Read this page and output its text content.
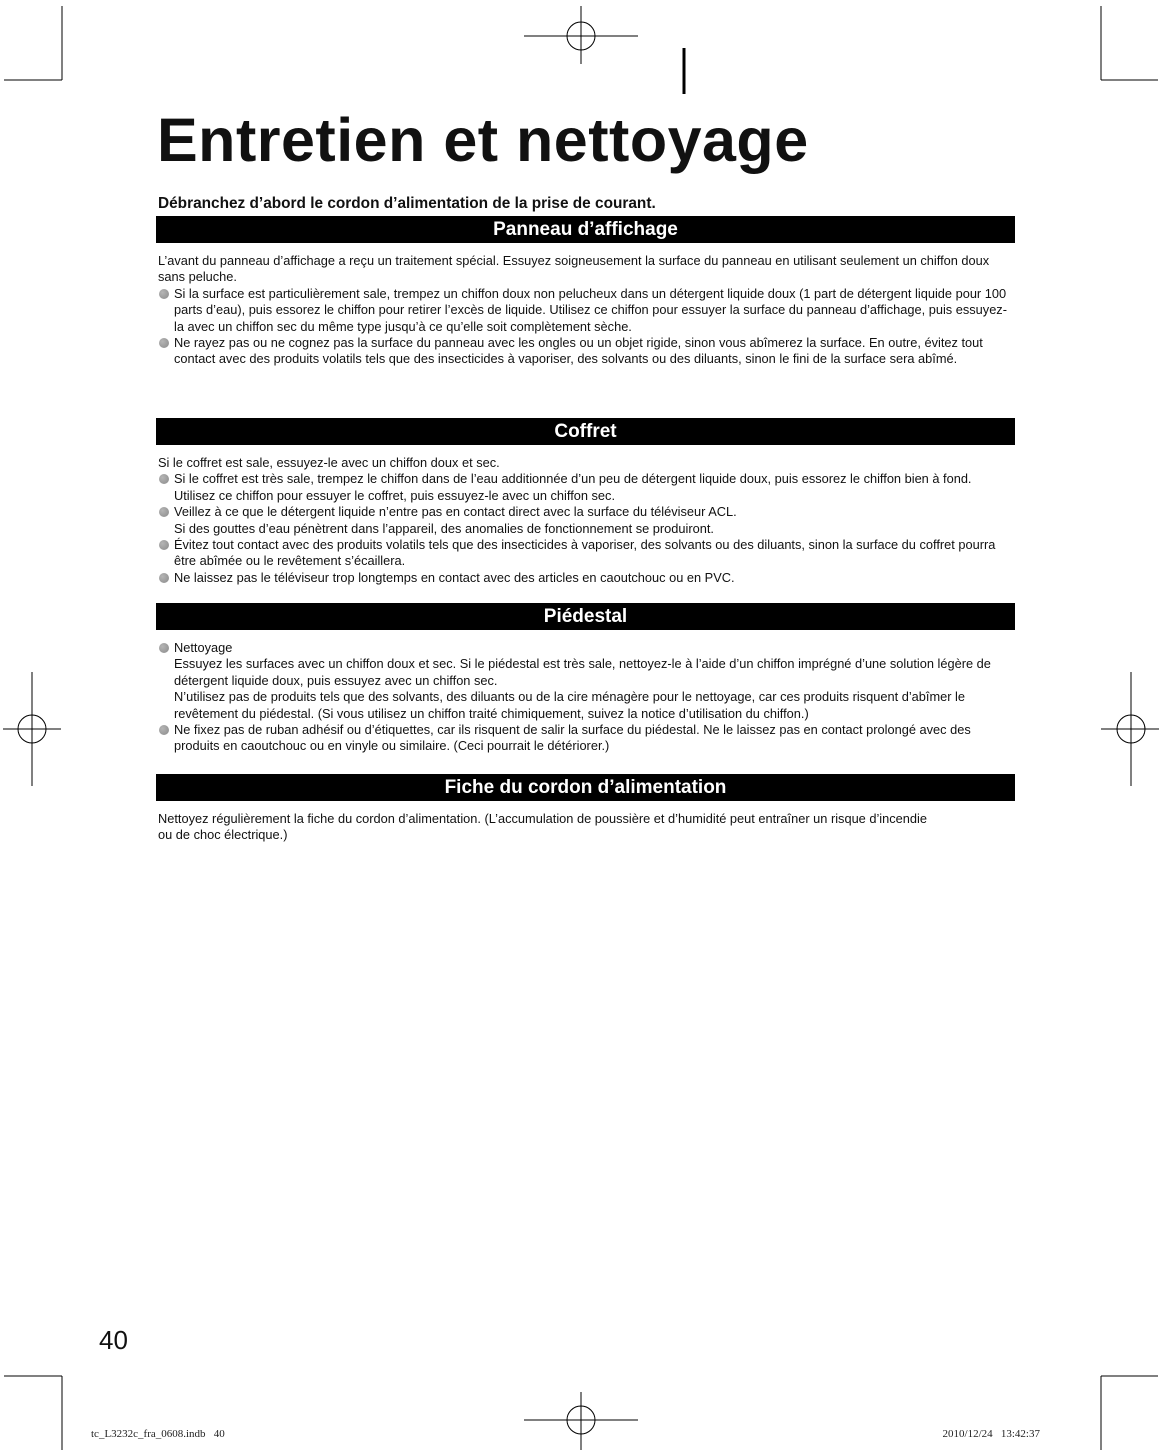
Entretien et nettoyage

Débranchez d’abord le cordon d’alimentation de la prise de courant.

Panneau d’affichage

L’avant du panneau d’affichage a reçu un traitement spécial. Essuyez soigneusement la surface du panneau en utilisant seulement un chiffon doux sans peluche.

Si la surface est particulièrement sale, trempez un chiffon doux non pelucheux dans un détergent liquide doux (1 part de détergent liquide pour 100 parts d’eau), puis essorez le chiffon pour retirer l’excès de liquide. Utilisez ce chiffon pour essuyer la surface du panneau d’affichage, puis essuyez-la avec un chiffon sec du même type jusqu’à ce qu’elle soit complètement sèche.
Ne rayez pas ou ne cognez pas la surface du panneau avec les ongles ou un objet rigide, sinon vous abîmerez la surface. En outre, évitez tout contact avec des produits volatils tels que des insecticides à vaporiser, des solvants ou des diluants, sinon le fini de la surface sera abîmé.
Coffret

Si le coffret est sale, essuyez-le avec un chiffon doux et sec.

Si le coffret est très sale, trempez le chiffon dans de l’eau additionnée d’un peu de détergent liquide doux, puis essorez le chiffon bien à fond. Utilisez ce chiffon pour essuyer le coffret, puis essuyez-le avec un chiffon sec.
Veillez à ce que le détergent liquide n’entre pas en contact direct avec la surface du téléviseur ACL.
Si des gouttes d’eau pénètrent dans l’appareil, des anomalies de fonctionnement se produiront.
Évitez tout contact avec des produits volatils tels que des insecticides à vaporiser, des solvants ou des diluants, sinon la surface du coffret pourra être abîmée ou le revêtement s’écaillera.
Ne laissez pas le téléviseur trop longtemps en contact avec des articles en caoutchouc ou en PVC.
Piédestal
Nettoyage
Essuyez les surfaces avec un chiffon doux et sec. Si le piédestal est très sale, nettoyez-le à l’aide d’un chiffon imprégné d’une solution légère de détergent liquide doux, puis essuyez avec un chiffon sec.
N’utilisez pas de produits tels que des solvants, des diluants ou de la cire ménagère pour le nettoyage, car ces produits risquent d’abîmer le revêtement du piédestal. (Si vous utilisez un chiffon traité chimiquement, suivez la notice d’utilisation du chiffon.)
Ne fixez pas de ruban adhésif ou d’étiquettes, car ils risquent de salir la surface du piédestal. Ne le laissez pas en contact prolongé avec des produits en caoutchouc ou en vinyle ou similaire. (Ceci pourrait le détériorer.)
Fiche du cordon d’alimentation

Nettoyez régulièrement la fiche du cordon d’alimentation. (L’accumulation de poussière et d’humidité peut entraîner un risque d’incendie ou de choc électrique.)

40
tc_L3232c_fra_0608.indb   40	2010/12/24   13:42:37
